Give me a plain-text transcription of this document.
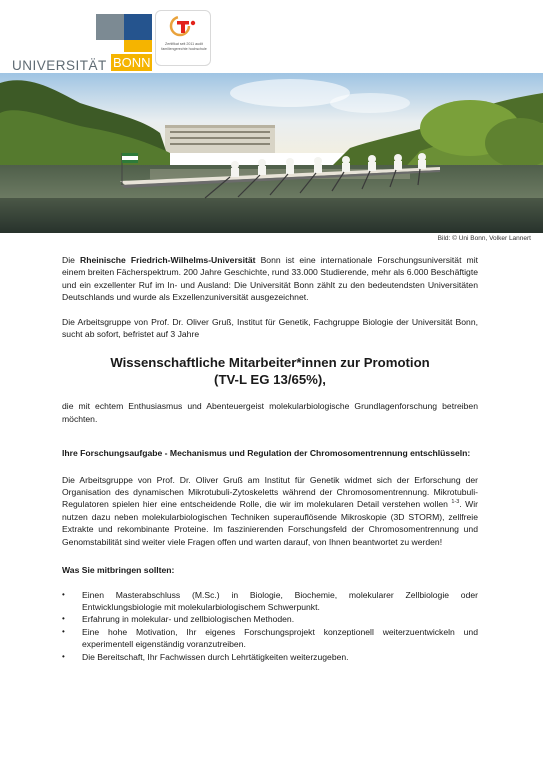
UNIVERSITÄT BONN
Zertifikat seit 2011 audit familiengerechte hochschule
Bild: © Uni Bonn, Volker Lannert

Die Rheinische Friedrich-Wilhelms-Universität Bonn ist eine internationale Forschungsuniversität mit einem breiten Fächerspektrum. 200 Jahre Geschichte, rund 33.000 Studierende, mehr als 6.000 Beschäftigte und ein exzellenter Ruf im In- und Ausland: Die Universität Bonn zählt zu den bedeutendsten Universitäten Deutschlands und wurde als Exzellenzuniversität ausgezeichnet.

Die Arbeitsgruppe von Prof. Dr. Oliver Gruß, Institut für Genetik, Fachgruppe Biologie der Universität Bonn, sucht ab sofort, befristet auf 3 Jahre

Wissenschaftliche Mitarbeiter*innen zur Promotion
(TV-L EG 13/65%),

die mit echtem Enthusiasmus und Abenteuergeist molekularbiologische Grundlagenforschung betreiben möchten.

Ihre Forschungsaufgabe - Mechanismus und Regulation der Chromosomentrennung entschlüsseln:

Die Arbeitsgruppe von Prof. Dr. Oliver Gruß am Institut für Genetik widmet sich der Erforschung der Organisation des dynamischen Mikrotubuli-Zytoskeletts während der Chromosomentrennung. Mikrotubuli-Regulatoren spielen hier eine entscheidende Rolle, die wir im molekularen Detail verstehen wollen $^{1-3}$. Wir nutzen dazu neben molekularbiologischen Techniken superauflösende Mikroskopie (3D STORM), zellfreie Extrakte und rekombinante Proteine. Im faszinierenden Forschungsfeld der Chromosomentrennung und Genomstabilität sind weiter viele Fragen offen und warten darauf, von Ihnen beantwortet zu werden!

Was Sie mitbringen sollten:
• Einen Masterabschluss (M.Sc.) in Biologie, Biochemie, molekularer Zellbiologie oder Entwicklungsbiologie mit molekularbiologischem Schwerpunkt.
• Erfahrung in molekular- und zellbiologischen Methoden.
• Eine hohe Motivation, Ihr eigenes Forschungsprojekt konzeptionell weiterzuentwickeln und experimentell eigenständig voranzutreiben.
• Die Bereitschaft, Ihr Fachwissen durch Lehrtätigkeiten weiterzugeben.
